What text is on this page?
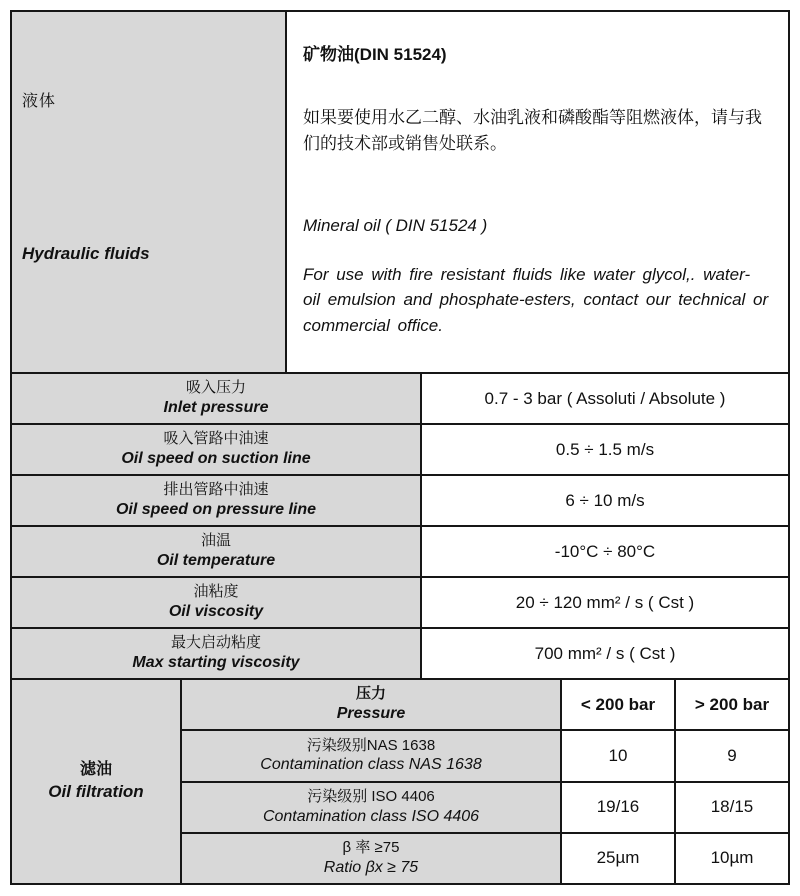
液体
Hydraulic fluids
矿物油(DIN 51524)
如果要使用水乙二醇、水油乳液和磷酸酯等阻燃液体，请与我们的技术部或销售处联系。
Mineral oil ( DIN 51524 )
For use with fire resistant fluids like water glycol,. water- oil emulsion and phosphate-esters, contact our technical or commercial office.
吸入压力
Inlet pressure	0.7 - 3 bar ( Assoluti / Absolute )
吸入管路中油速
Oil speed on suction line	0.5 ÷ 1.5 m/s
排出管路中油速
Oil speed on pressure line	6 ÷ 10 m/s
油温
Oil temperature	-10°C ÷ 80°C
油粘度
Oil viscosity	20 ÷ 120 mm² / s ( Cst )
最大启动粘度
Max starting viscosity	700 mm² / s ( Cst )
滤油
Oil filtration
压力
Pressure	< 200 bar	> 200 bar
污染级别NAS 1638
Contamination class NAS 1638	10	9
污染级别 ISO 4406
Contamination class ISO 4406	19/16	18/15
β 率 ≥75
Ratio βx ≥ 75	25µm	10µm
